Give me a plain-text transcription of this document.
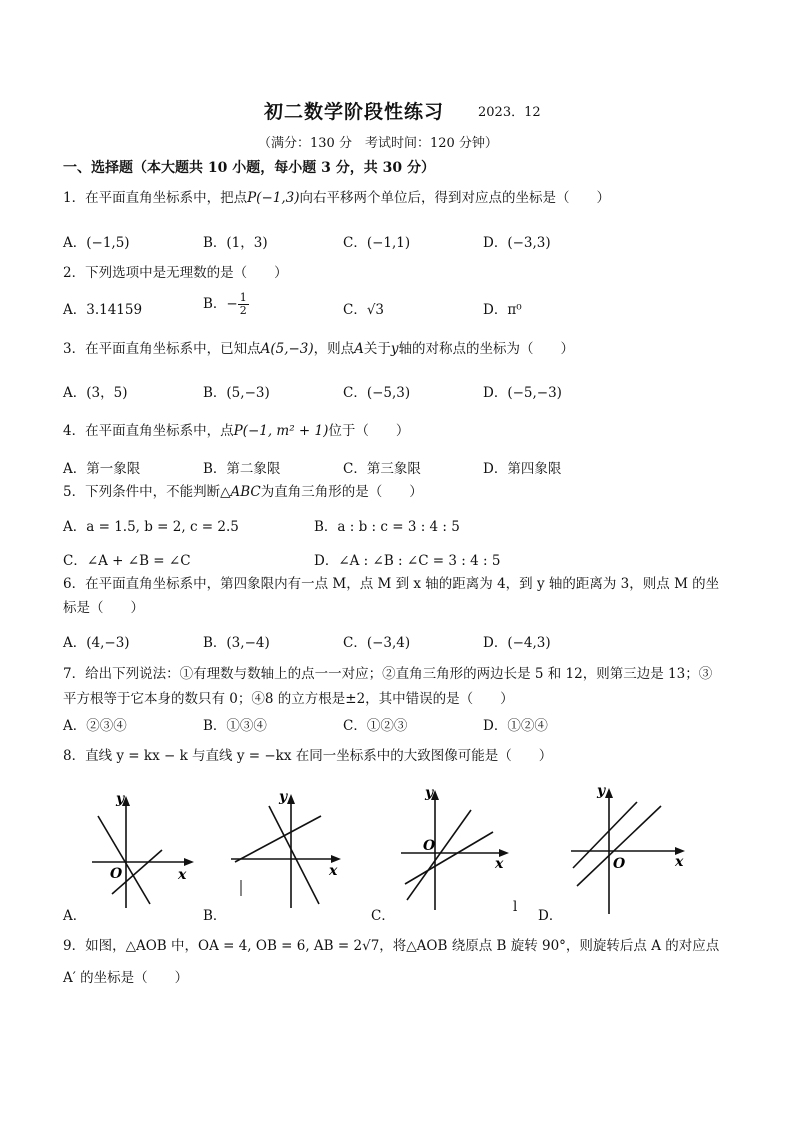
初二数学阶段性练习	2023．12
（满分：130 分　考试时间：120 分钟）
一、选择题（本大题共 10 小题，每小题 3 分，共 30 分）
1．在平面直角坐标系中，把点P(−1,3)向右平移两个单位后，得到对应点的坐标是（　　）
A．(−1,5)	B．(1，3)	C．(−1,1)	D．(−3,3)
2．下列选项中是无理数的是（　　）
A．3.14159	B．− $\frac{1}{2}$	C．√3	D．π⁰
3．在平面直角坐标系中，已知点A(5,−3)，则点A关于y轴的对称点的坐标为（　　）
A．(3，5)	B．(5,−3)	C．(−5,3)	D．(−5,−3)
4．在平面直角坐标系中，点P(−1, m² + 1)位于（　　）
A．第一象限	B．第二象限	C．第三象限	D．第四象限
5．下列条件中，不能判断△ABC为直角三角形的是（　　）
A．a = 1.5, b = 2, c = 2.5	B．a : b : c = 3 : 4 : 5
C．∠A + ∠B = ∠C	D．∠A : ∠B : ∠C = 3 : 4 : 5
6．在平面直角坐标系中，第四象限内有一点 M，点 M 到 x 轴的距离为 4，到 y 轴的距离为 3，则点 M 的坐
标是（　　）
A．(4,−3)	B．(3,−4)	C．(−3,4)	D．(−4,3)
7．给出下列说法：①有理数与数轴上的点一一对应；②直角三角形的两边长是 5 和 12，则第三边是 13；③
平方根等于它本身的数只有 0；④8 的立方根是±2，其中错误的是（　　）
A．②③④	B．①③④	C．①②③	D．①②④
8．直线 y = kx − k 与直线 y = −kx 在同一坐标系中的大致图像可能是（　　）
y
x
O
A．
y
x
B．
y
x
O
C．
l
y
x
O
D．
9．如图，△AOB 中，OA = 4, OB = 6, AB = 2√7，将△AOB 绕原点 B 旋转 90°，则旋转后点 A 的对应点
A′ 的坐标是（　　）
